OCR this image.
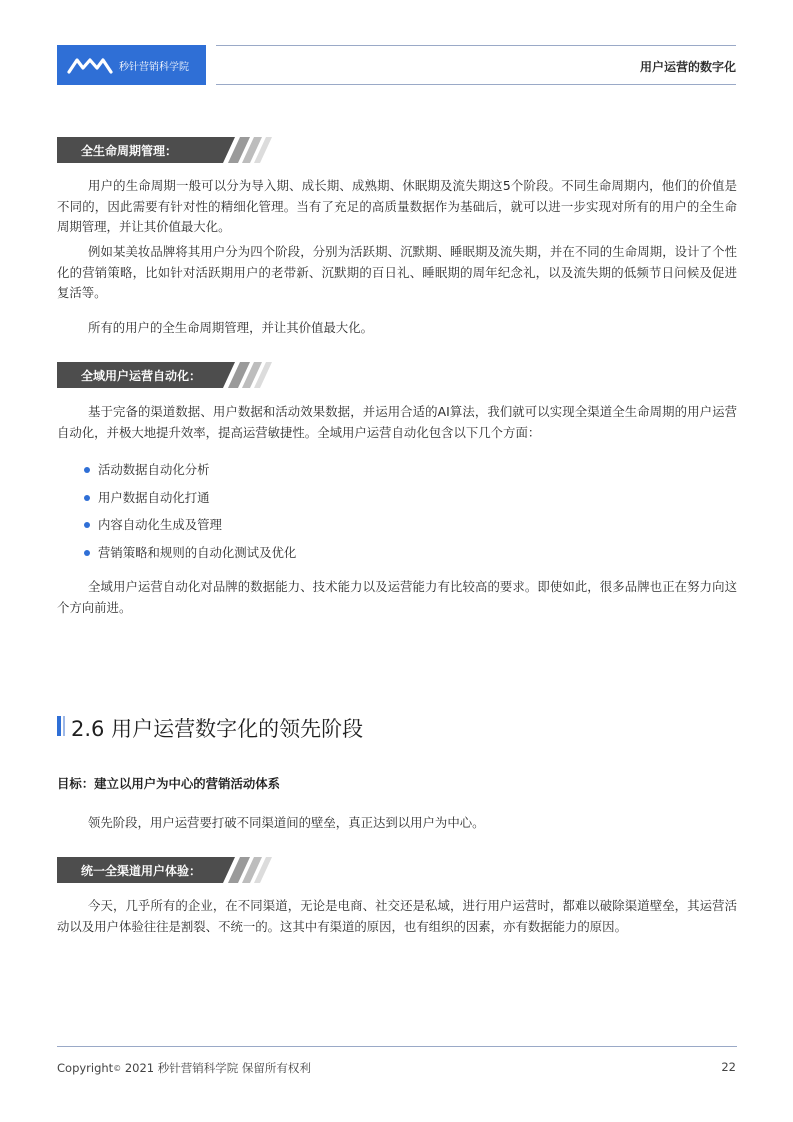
秒针营销科学院	用户运营的数字化
全生命周期管理：

用户的生命周期一般可以分为导入期、成长期、成熟期、休眠期及流失期这5个阶段。不同生命周期内，他们的价值是不同的，因此需要有针对性的精细化管理。当有了充足的高质量数据作为基础后，就可以进一步实现对所有的用户的全生命周期管理，并让其价值最大化。

例如某美妆品牌将其用户分为四个阶段，分别为活跃期、沉默期、睡眠期及流失期，并在不同的生命周期，设计了个性化的营销策略，比如针对活跃期用户的老带新、沉默期的百日礼、睡眠期的周年纪念礼，以及流失期的低频节日问候及促进复活等。

所有的用户的全生命周期管理，并让其价值最大化。

全域用户运营自动化：

基于完备的渠道数据、用户数据和活动效果数据，并运用合适的AI算法，我们就可以实现全渠道全生命周期的用户运营自动化，并极大地提升效率，提高运营敏捷性。全域用户运营自动化包含以下几个方面：

活动数据自动化分析
用户数据自动化打通
内容自动化生成及管理
营销策略和规则的自动化测试及优化

全域用户运营自动化对品牌的数据能力、技术能力以及运营能力有比较高的要求。即使如此，很多品牌也正在努力向这个方向前进。

2.6 用户运营数字化的领先阶段
目标：建立以用户为中心的营销活动体系

领先阶段，用户运营要打破不同渠道间的壁垒，真正达到以用户为中心。

统一全渠道用户体验：

今天，几乎所有的企业，在不同渠道，无论是电商、社交还是私域，进行用户运营时，都难以破除渠道壁垒，其运营活动以及用户体验往往是割裂、不统一的。这其中有渠道的原因，也有组织的因素，亦有数据能力的原因。

Copyright© 2021 秒针营销科学院 保留所有权利	22
